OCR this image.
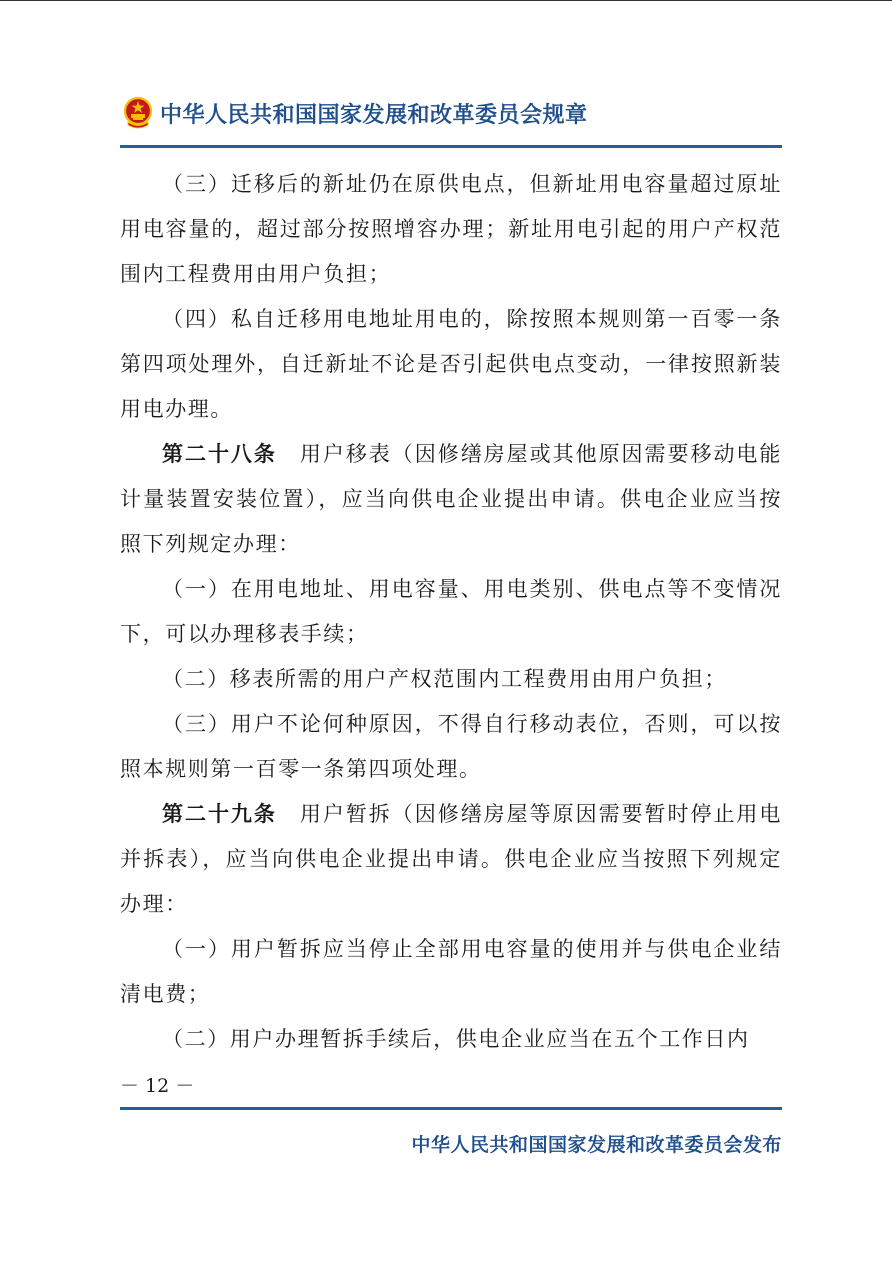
中华人民共和国国家发展和改革委员会规章

（三）迁移后的新址仍在原供电点，但新址用电容量超过原址用电容量的，超过部分按照增容办理；新址用电引起的用户产权范围内工程费用由用户负担；

（四）私自迁移用电地址用电的，除按照本规则第一百零一条第四项处理外，自迁新址不论是否引起供电点变动，一律按照新装用电办理。

第二十八条　 用户移表（因修缮房屋或其他原因需要移动电能计量装置安装位置），应当向供电企业提出申请。供电企业应当按照下列规定办理：

（一）在用电地址、用电容量、用电类别、供电点等不变情况下，可以办理移表手续；

（二）移表所需的用户产权范围内工程费用由用户负担；

（三）用户不论何种原因，不得自行移动表位，否则，可以按照本规则第一百零一条第四项处理。

第二十九条　 用户暂拆（因修缮房屋等原因需要暂时停止用电并拆表），应当向供电企业提出申请。供电企业应当按照下列规定办理：

（一）用户暂拆应当停止全部用电容量的使用并与供电企业结清电费；

（二）用户办理暂拆手续后，供电企业应当在五个工作日内

－ 12 －
中华人民共和国国家发展和改革委员会发布
